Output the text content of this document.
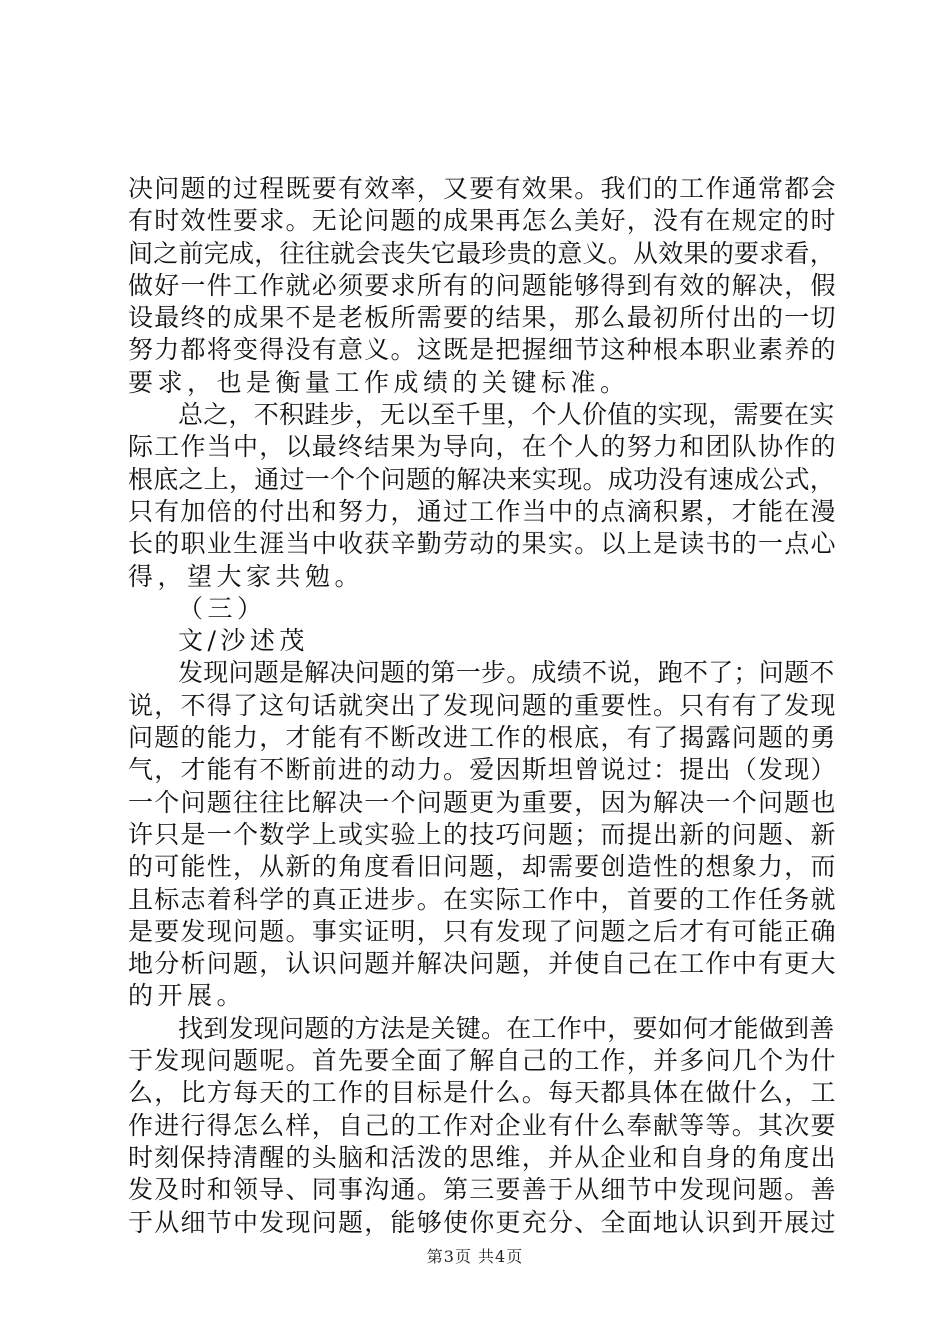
决问题的过程既要有效率，又要有效果。我们的工作通常都会
有时效性要求。无论问题的成果再怎么美好，没有在规定的时
间之前完成，往往就会丧失它最珍贵的意义。从效果的要求看，
做好一件工作就必须要求所有的问题能够得到有效的解决，假
设最终的成果不是老板所需要的结果，那么最初所付出的一切
努力都将变得没有意义。这既是把握细节这种根本职业素养的
要求，也是衡量工作成绩的关键标准。
总之，不积跬步，无以至千里，个人价值的实现，需要在实
际工作当中，以最终结果为导向，在个人的努力和团队协作的
根底之上，通过一个个问题的解决来实现。成功没有速成公式，
只有加倍的付出和努力，通过工作当中的点滴积累，才能在漫
长的职业生涯当中收获辛勤劳动的果实。以上是读书的一点心
得，望大家共勉。
（三）
文/沙述茂
发现问题是解决问题的第一步。成绩不说，跑不了；问题不
说，不得了这句话就突出了发现问题的重要性。只有有了发现
问题的能力，才能有不断改进工作的根底，有了揭露问题的勇
气，才能有不断前进的动力。爱因斯坦曾说过：提出（发现）
一个问题往往比解决一个问题更为重要，因为解决一个问题也
许只是一个数学上或实验上的技巧问题；而提出新的问题、新
的可能性，从新的角度看旧问题，却需要创造性的想象力，而
且标志着科学的真正进步。在实际工作中，首要的工作任务就
是要发现问题。事实证明，只有发现了问题之后才有可能正确
地分析问题，认识问题并解决问题，并使自己在工作中有更大
的开展。
找到发现问题的方法是关键。在工作中，要如何才能做到善
于发现问题呢。首先要全面了解自己的工作，并多问几个为什
么，比方每天的工作的目标是什么。每天都具体在做什么，工
作进行得怎么样，自己的工作对企业有什么奉献等等。其次要
时刻保持清醒的头脑和活泼的思维，并从企业和自身的角度出
发及时和领导、同事沟通。第三要善于从细节中发现问题。善
于从细节中发现问题，能够使你更充分、全面地认识到开展过
第3页 共4页
